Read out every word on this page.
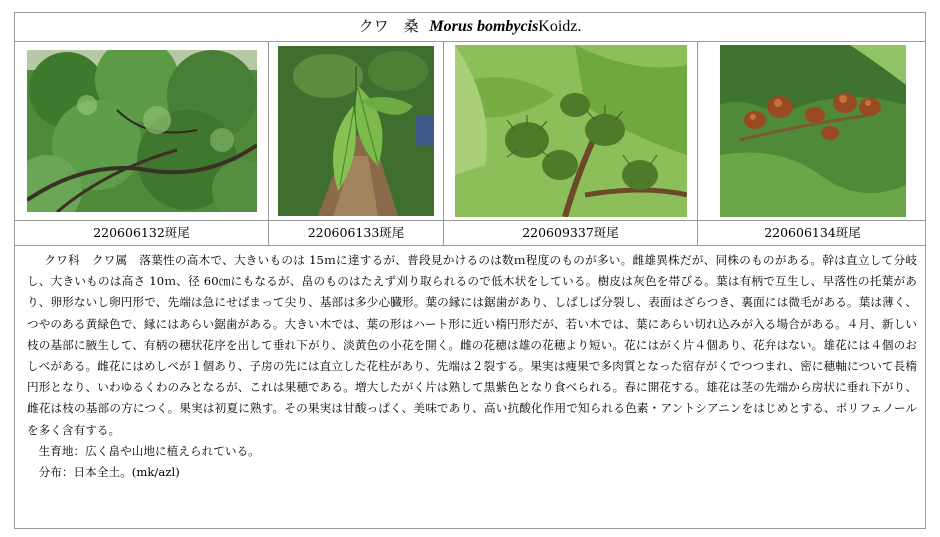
クワ　桑 Morus bombycisKoidz.
220606132斑尾	220606133斑尾	220609337斑尾	220606134斑尾

クワ科　クワ属　落葉性の高木で、大きいものは 15ｍに達するが、普段見かけるのは数ｍ程度のものが多い。雌雄異株だが、同株のものがある。幹は直立して分岐し、大きいものは高さ 10ｍ、径 60㎝にもなるが、畠のものはたえず刈り取られるので低木状をしている。樹皮は灰色を帯びる。葉は有柄で互生し、早落性の托葉があり、卵形ないし卵円形で、先端は急にせばまって尖り、基部は多少心臓形。葉の縁には鋸歯があり、しばしば分裂し、表面はざらつき、裏面には微毛がある。葉は薄く、つやのある黄緑色で、縁にはあらい鋸歯がある。大きい木では、葉の形はハート形に近い楕円形だが、若い木では、葉にあらい切れ込みが入る場合がある。４月、新しい枝の基部に腋生して、有柄の穂状花序を出して垂れ下がり、淡黄色の小花を開く。雌の花穂は雄の花穂より短い。花にはがく片４個あり、花弁はない。雄花には４個のおしべがある。雌花にはめしべが１個あり、子房の先には直立した花柱があり、先端は２裂する。果実は痩果で多肉質となった宿存がくでつつまれ、密に穂軸について長楕円形となり、いわゆるくわのみとなるが、これは果穂である。増大したがく片は熟して黒紫色となり食べられる。春に開花する。雄花は茎の先端から房状に垂れ下がり、雌花は枝の基部の方につく。果実は初夏に熟す。その果実は甘酸っぱく、美味であり、高い抗酸化作用で知られる色素・アントシアニンをはじめとする、ポリフェノールを多く含有する。

生育地：広く畠や山地に植えられている。

分布：日本全土。(mk/azl)
